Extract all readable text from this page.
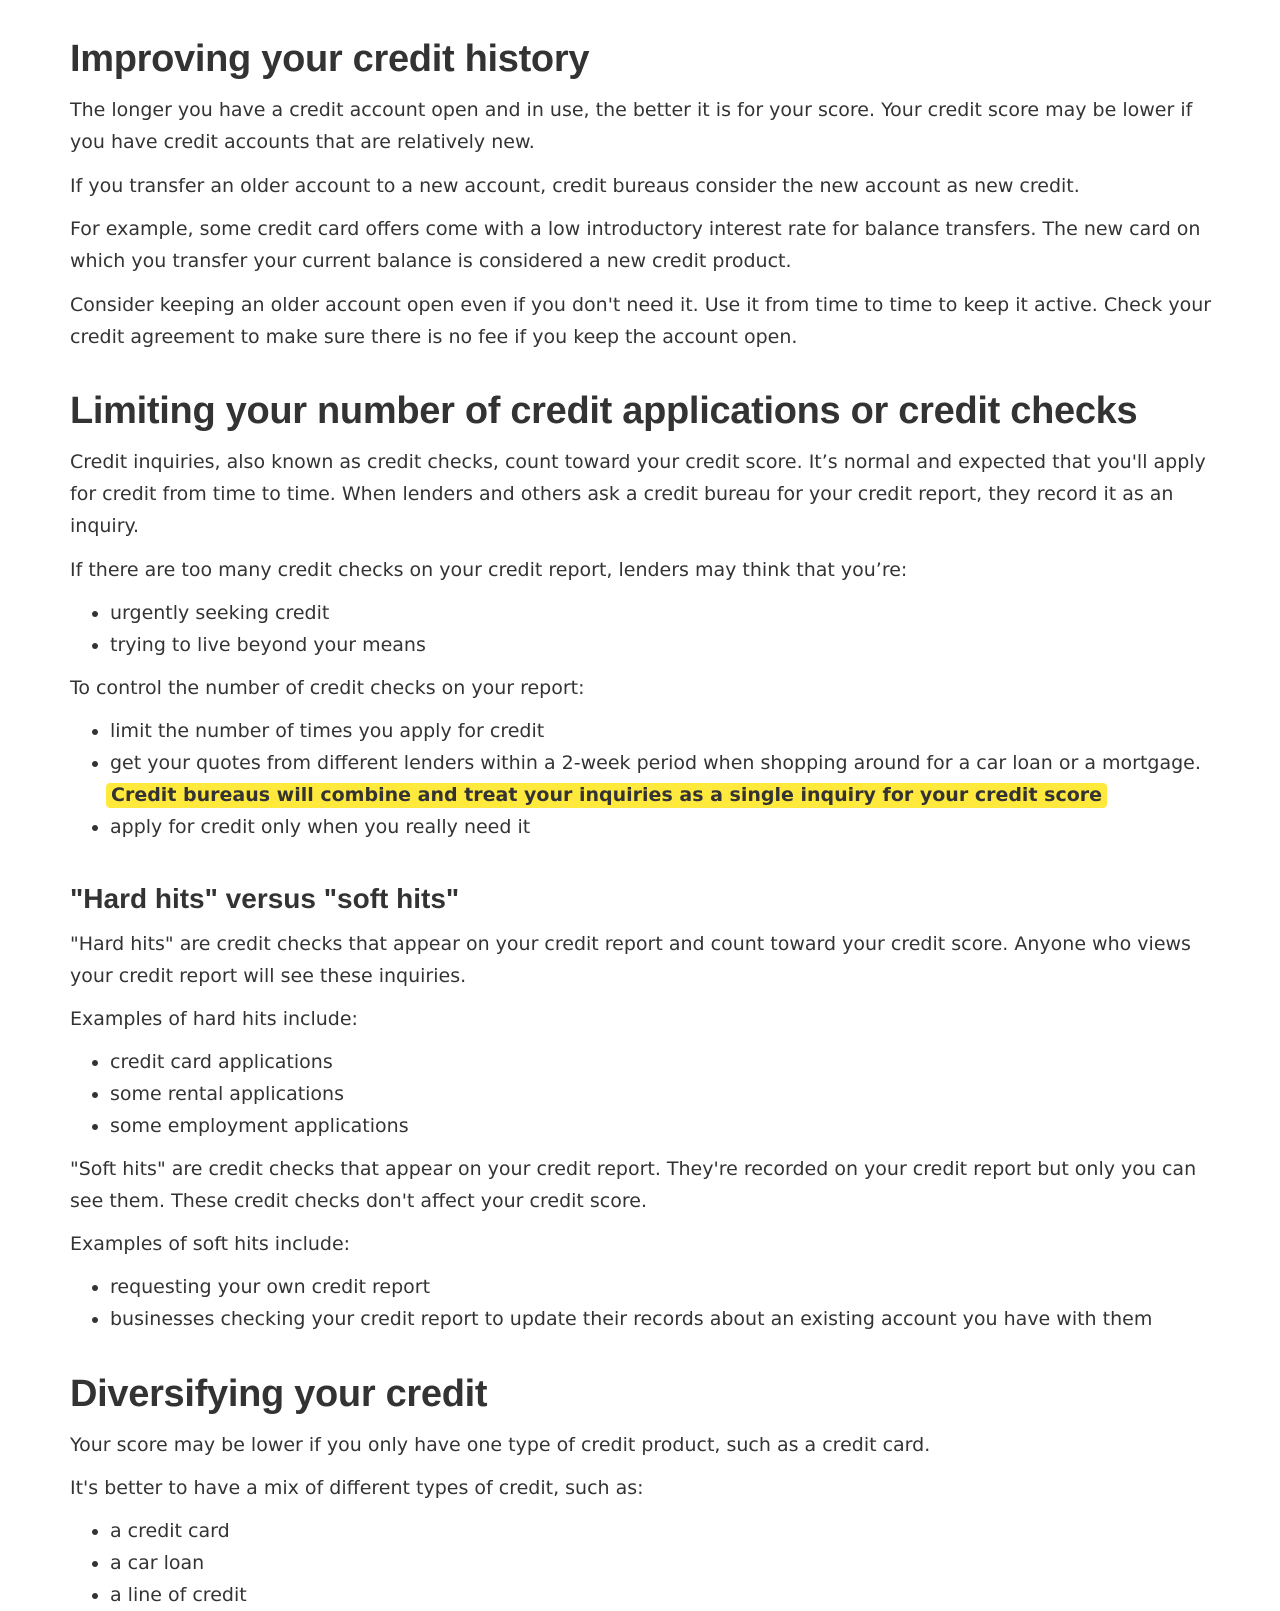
Improving your credit history

The longer you have a credit account open and in use, the better it is for your score. Your credit score may be lower if you have credit accounts that are relatively new.

If you transfer an older account to a new account, credit bureaus consider the new account as new credit.

For example, some credit card offers come with a low introductory interest rate for balance transfers. The new card on which you transfer your current balance is considered a new credit product.

Consider keeping an older account open even if you don't need it. Use it from time to time to keep it active. Check your credit agreement to make sure there is no fee if you keep the account open.

Limiting your number of credit applications or credit checks

Credit inquiries, also known as credit checks, count toward your credit score. It’s normal and expected that you'll apply for credit from time to time. When lenders and others ask a credit bureau for your credit report, they record it as an inquiry.

If there are too many credit checks on your credit report, lenders may think that you’re:

• urgently seeking credit
• trying to live beyond your means

To control the number of credit checks on your report:

• limit the number of times you apply for credit
• get your quotes from different lenders within a 2-week period when shopping around for a car loan or a mortgage.
Credit bureaus will combine and treat your inquiries as a single inquiry for your credit score
• apply for credit only when you really need it
"Hard hits" versus "soft hits"

"Hard hits" are credit checks that appear on your credit report and count toward your credit score. Anyone who views your credit report will see these inquiries.

Examples of hard hits include:

• credit card applications
• some rental applications
• some employment applications

"Soft hits" are credit checks that appear on your credit report. They're recorded on your credit report but only you can see them. These credit checks don't affect your credit score.

Examples of soft hits include:

• requesting your own credit report
• businesses checking your credit report to update their records about an existing account you have with them
Diversifying your credit

Your score may be lower if you only have one type of credit product, such as a credit card.

It's better to have a mix of different types of credit, such as:

• a credit card
• a car loan
• a line of credit
